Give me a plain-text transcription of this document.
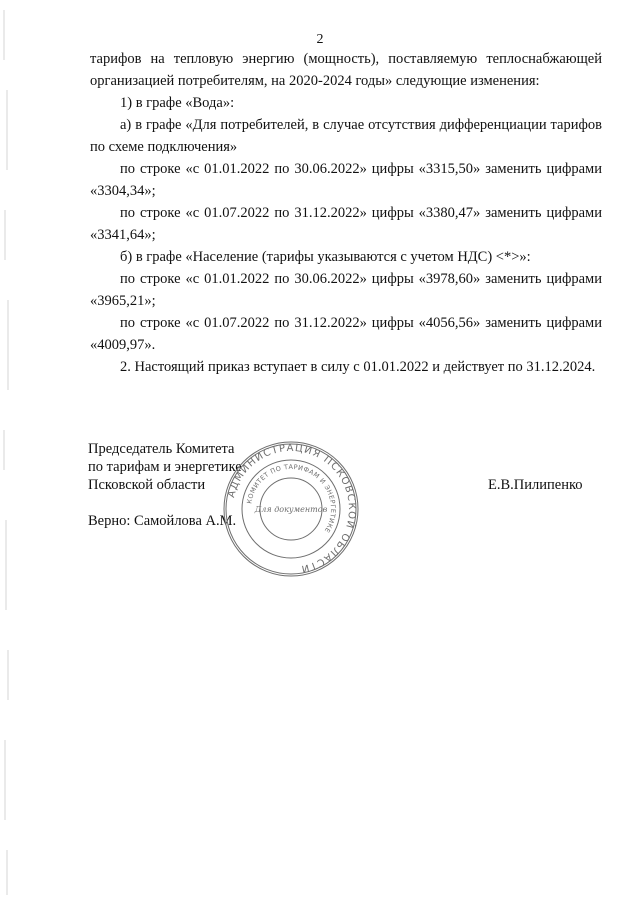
2

тарифов на тепловую энергию (мощность), поставляемую теплоснабжающей организацией потребителям, на 2020-2024 годы» следующие изменения:

1) в графе «Вода»:

а) в графе «Для потребителей, в случае отсутствия дифференциации тарифов по схеме подключения»

по строке «с 01.01.2022 по 30.06.2022» цифры «3315,50» заменить цифрами «3304,34»;

по строке «с 01.07.2022 по 31.12.2022» цифры «3380,47» заменить цифрами «3341,64»;

б) в графе «Население (тарифы указываются с учетом НДС) <*>»:

по строке «с 01.01.2022 по 30.06.2022» цифры «3978,60» заменить цифрами «3965,21»;

по строке «с 01.07.2022 по 31.12.2022» цифры «4056,56» заменить цифрами «4009,97».

2. Настоящий приказ вступает в силу с 01.01.2022 и действует по 31.12.2024.

Председатель Комитета
по тарифам и энергетике
Псковской области	Е.В.Пилипенко
Верно: Самойлова А.М.
АДМИНИСТРАЦИЯ ПСКОВСКОЙ ОБЛАСТИ
КОМИТЕТ ПО ТАРИФАМ И ЭНЕРГЕТИКЕ
Для документов
